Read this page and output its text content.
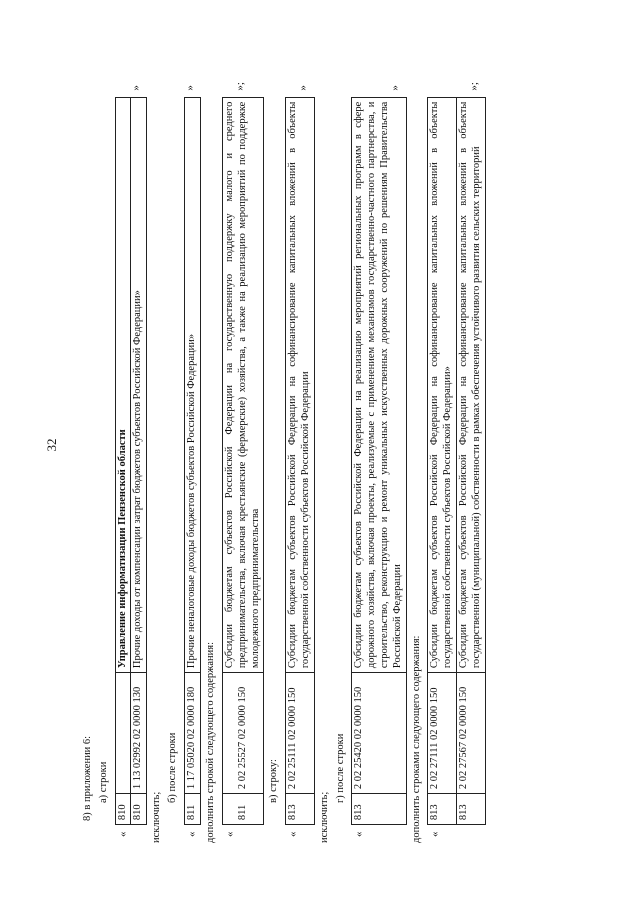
32

8) в приложении 6: а) строки

«
810		Управление информатизации Пензенской области
810	1 13 02992 02 0000 130	Прочие доходы от компенсации затрат бюджетов субъектов Российской Федерации»
»

исключить;

б) после строки

«
811	1 17 05020 02 0000 180	Прочие неналоговые доходы бюджетов субъектов Российской Федерации»
»

дополнить строкой следующего содержания: «
811	2 02 25527 02 0000 150	Субсидии бюджетам субъектов Российской Федерации на государственную поддержку малого и среднего предпринимательства, включая крестьянские (фермерские) хозяйства, а также на реализацию мероприятий по поддержке молодежного предпринимательства
»;

в) строку:

«
813	2 02 25111 02 0000 150	Субсидии бюджетам субъектов Российской Федерации на софинансирование капитальных вложений в объекты государственной собственности субъектов Российской Федерации
»

исключить;

г) после строки

«
813	2 02 25420 02 0000 150	Субсидии бюджетам субъектов Российской Федерации на реализацию мероприятий региональных программ в сфере дорожного хозяйства, включая проекты, реализуемые с применением механизмов государственно-частного партнерства, и строительство, реконструкцию и ремонт уникальных искусственных дорожных сооружений по решениям Правительства Российской Федерации
»

дополнить строками следующего содержания: «
813	2 02 27111 02 0000 150	Субсидии бюджетам субъектов Российской Федерации на софинансирование капитальных вложений в объекты государственной собственности субъектов Российской Федерации»
813	2 02 27567 02 0000 150	Субсидии бюджетам субъектов Российской Федерации на софинансирование капитальных вложений в объекты государственной (муниципальной) собственности в рамках обеспечения устойчивого развития сельских территорий
»;
